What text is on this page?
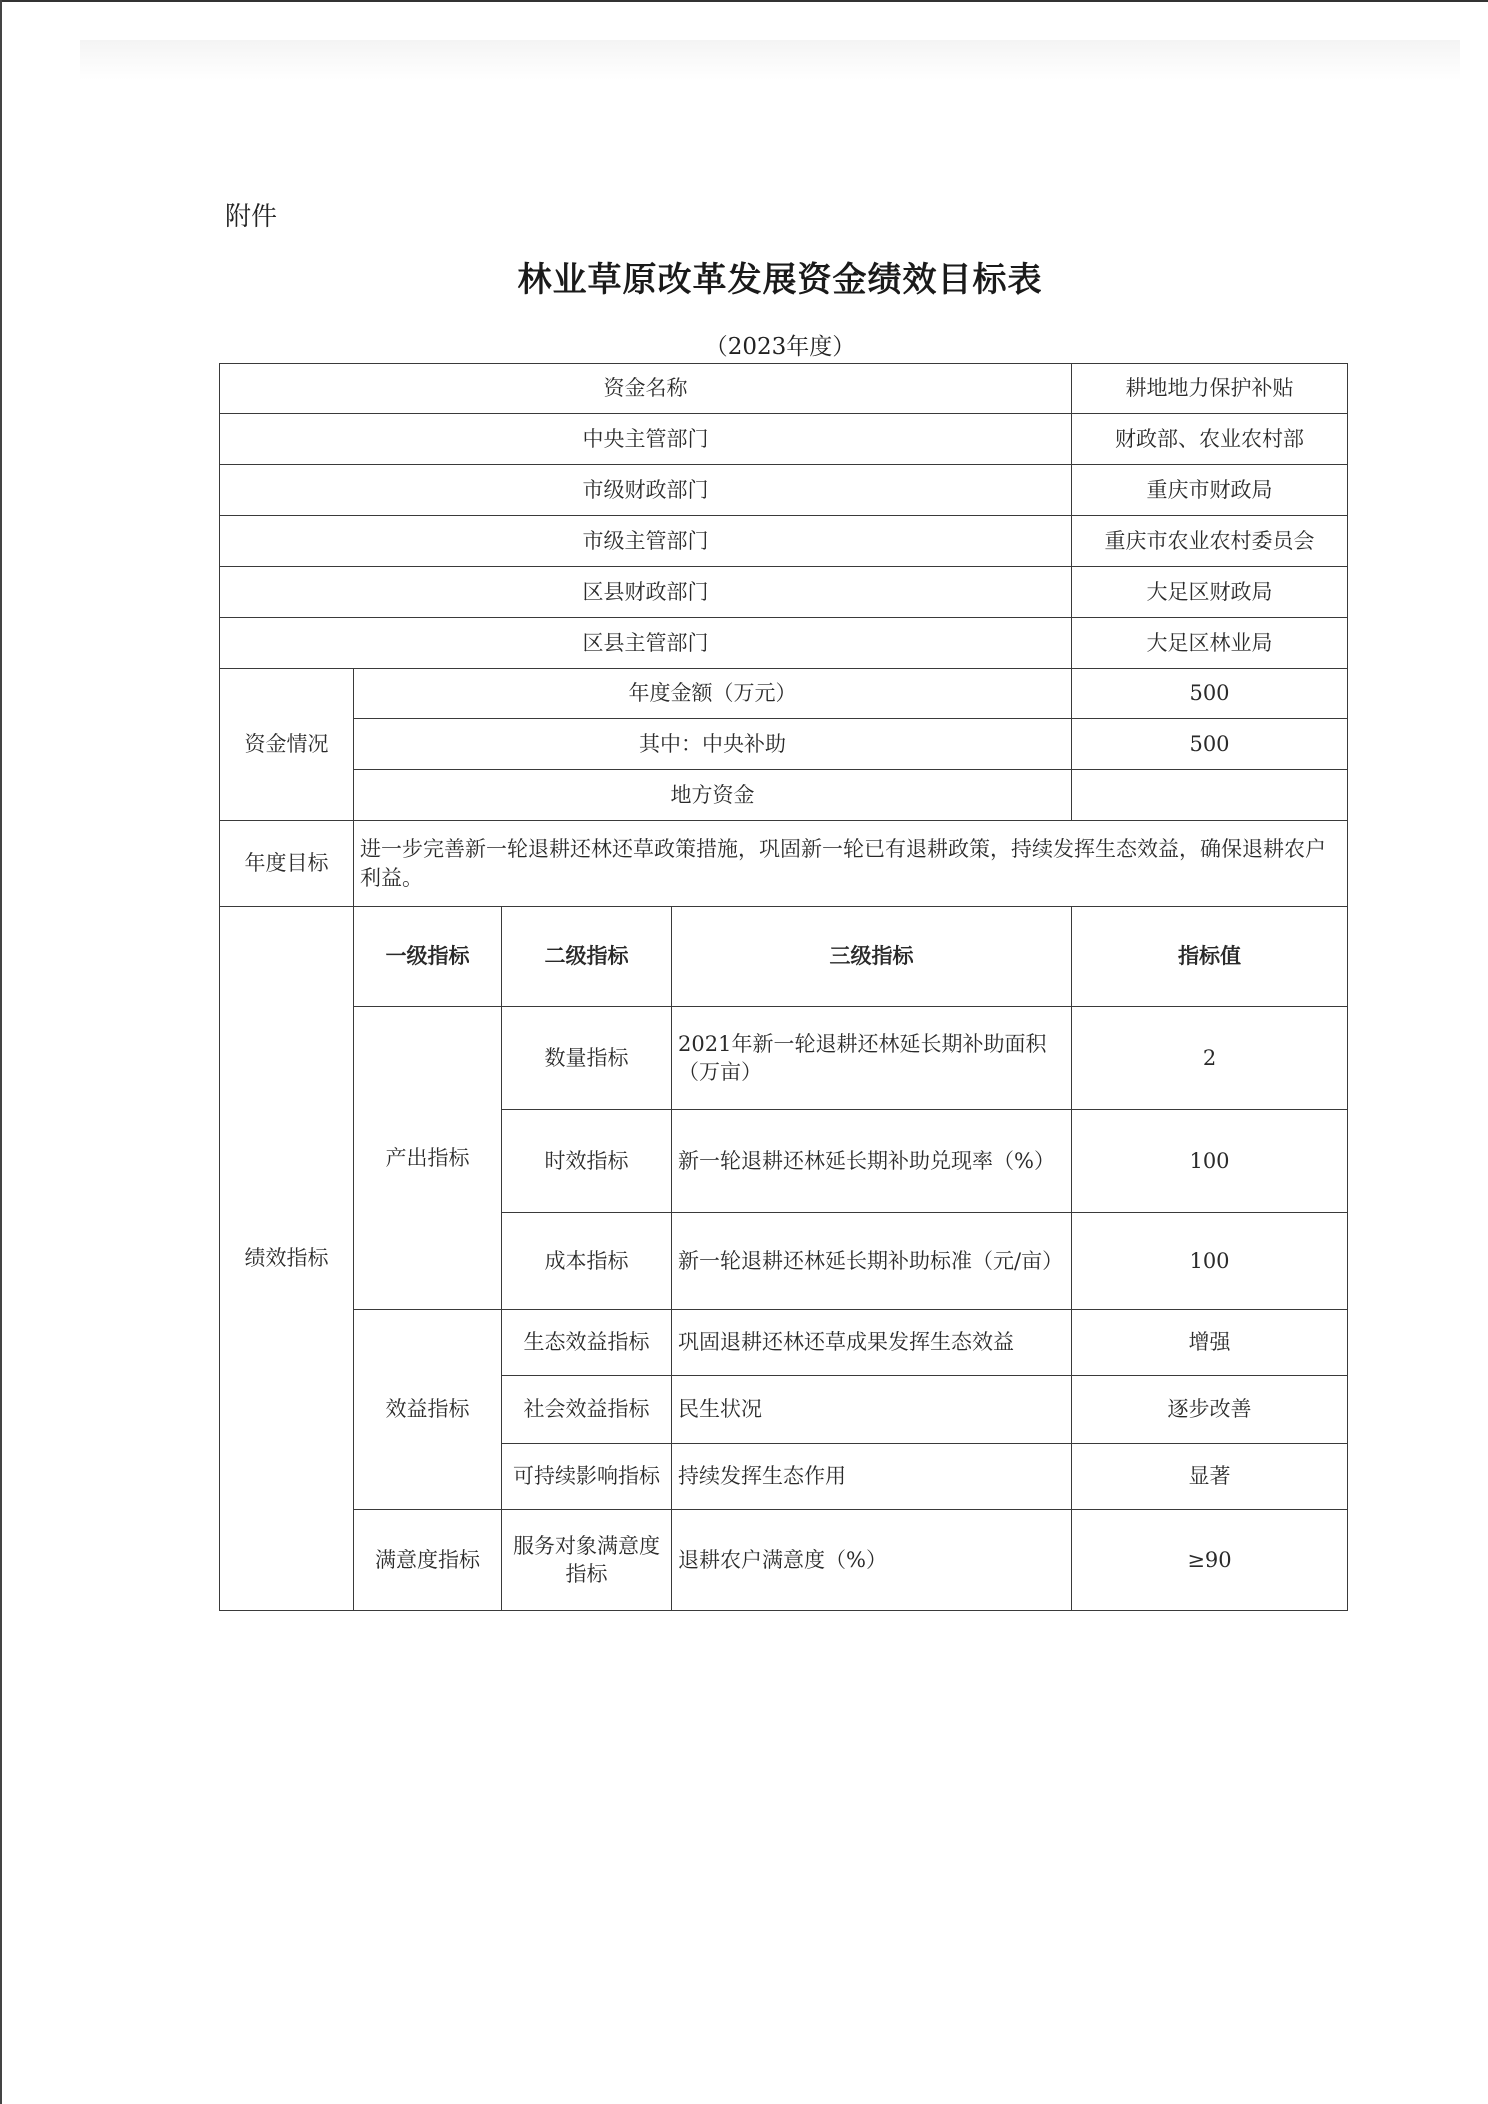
附件
林业草原改革发展资金绩效目标表
（2023年度）
资金名称				耕地地力保护补贴
中央主管部门				财政部、农业农村部
市级财政部门				重庆市财政局
市级主管部门				重庆市农业农村委员会
区县财政部门				大足区财政局
区县主管部门				大足区林业局
资金情况	年度金额（万元）			500
	其中：中央补助			500
	地方资金			
年度目标	进一步完善新一轮退耕还林还草政策措施，巩固新一轮已有退耕政策，持续发挥生态效益，确保退耕农户利益。			
绩效指标	一级指标	二级指标	三级指标	指标值
	产出指标	数量指标	2021年新一轮退耕还林延长期补助面积（万亩）	2
		时效指标	新一轮退耕还林延长期补助兑现率（%）	100
		成本指标	新一轮退耕还林延长期补助标准（元/亩）	100
	效益指标	生态效益指标	巩固退耕还林还草成果发挥生态效益	增强
		社会效益指标	民生状况	逐步改善
		可持续影响指标	持续发挥生态作用	显著
	满意度指标	服务对象满意度指标	退耕农户满意度（%）	≥90
